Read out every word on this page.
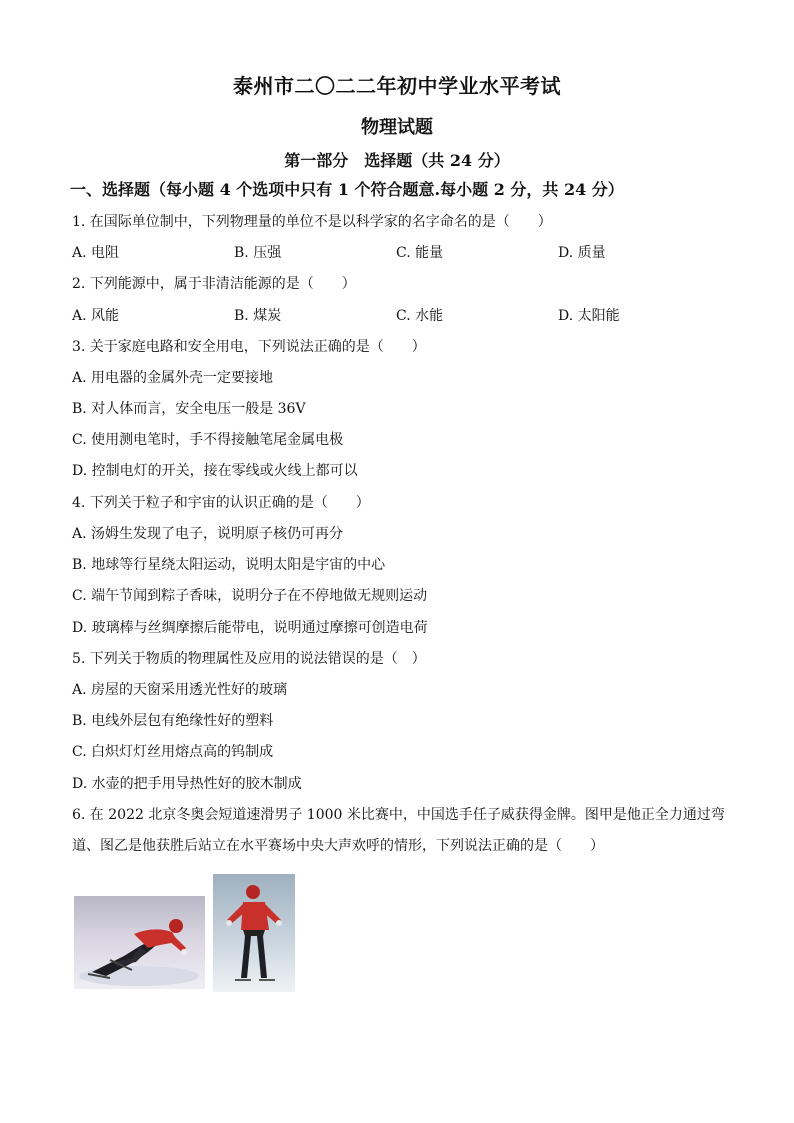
泰州市二〇二二年初中学业水平考试
物理试题
第一部分　选择题（共 24 分）
一、选择题（每小题 4 个选项中只有 1 个符合题意.每小题 2 分，共 24 分）
1. 在国际单位制中，下列物理量的单位不是以科学家的名字命名的是（　　）
A. 电阻	B. 压强	C. 能量	D. 质量
2. 下列能源中，属于非清洁能源的是（　　）
A. 风能	B. 煤炭	C. 水能	D. 太阳能
3. 关于家庭电路和安全用电，下列说法正确的是（　　）
A. 用电器的金属外壳一定要接地
B. 对人体而言，安全电压一般是 36V
C. 使用测电笔时，手不得接触笔尾金属电极
D. 控制电灯的开关，接在零线或火线上都可以
4. 下列关于粒子和宇宙的认识正确的是（　　）
A. 汤姆生发现了电子，说明原子核仍可再分
B. 地球等行星绕太阳运动，说明太阳是宇宙的中心
C. 端午节闻到粽子香味，说明分子在不停地做无规则运动
D. 玻璃棒与丝绸摩擦后能带电，说明通过摩擦可创造电荷
5. 下列关于物质的物理属性及应用的说法错误的是（　）
A. 房屋的天窗采用透光性好的玻璃
B. 电线外层包有绝缘性好的塑料
C. 白炽灯灯丝用熔点高的钨制成
D. 水壶的把手用导热性好的胶木制成
6. 在 2022 北京冬奥会短道速滑男子 1000 米比赛中，中国选手任子威获得金牌。图甲是他正全力通过弯
道、图乙是他获胜后站立在水平赛场中央大声欢呼的情形，下列说法正确的是（　　）
